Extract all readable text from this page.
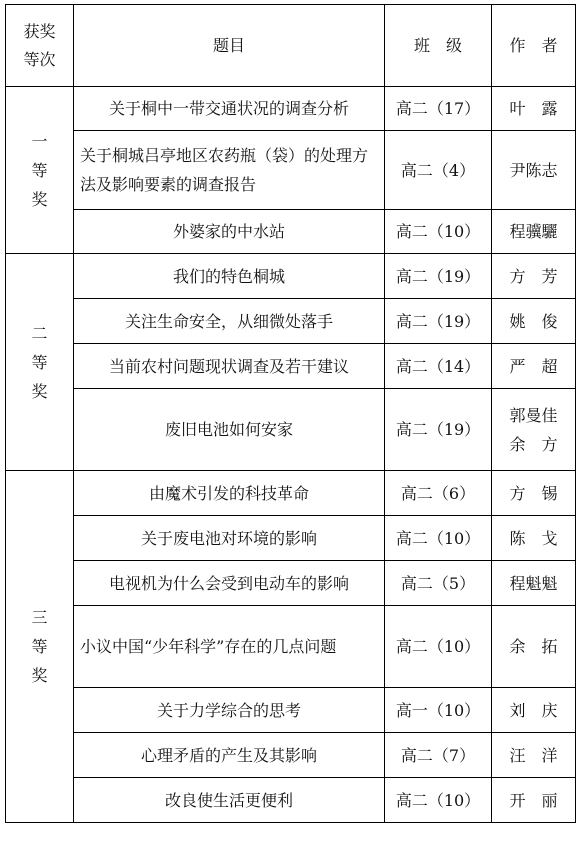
获奖
等次	题目	班　级	作　者

一
等
奖	关于桐中一带交通状况的调查分析	高二（17）	叶　露

	关于桐城吕亭地区农药瓶（袋）的处理方法及影响要素的调查报告	高二（4）	尹陈志

	外婆家的中水站	高二（10）	程骥驪

二
等
奖	我们的特色桐城	高二（19）	方　芳

	关注生命安全，从细微处落手	高二（19）	姚　俊

	当前农村问题现状调查及若干建议	高二（14）	严　超

	废旧电池如何安家	高二（19）	郭曼佳
余　方

三
等
奖	由魔术引发的科技革命	高二（6）	方　锡

	关于废电池对环境的影响	高二（10）	陈　戈

	电视机为什么会受到电动车的影响	高二（5）	程魁魁

	小议中国“少年科学”存在的几点问题	高二（10）	余　拓

	关于力学综合的思考	高一（10）	刘　庆

	心理矛盾的产生及其影响	高二（7）	汪　洋

	改良使生活更便利	高二（10）	开　丽
